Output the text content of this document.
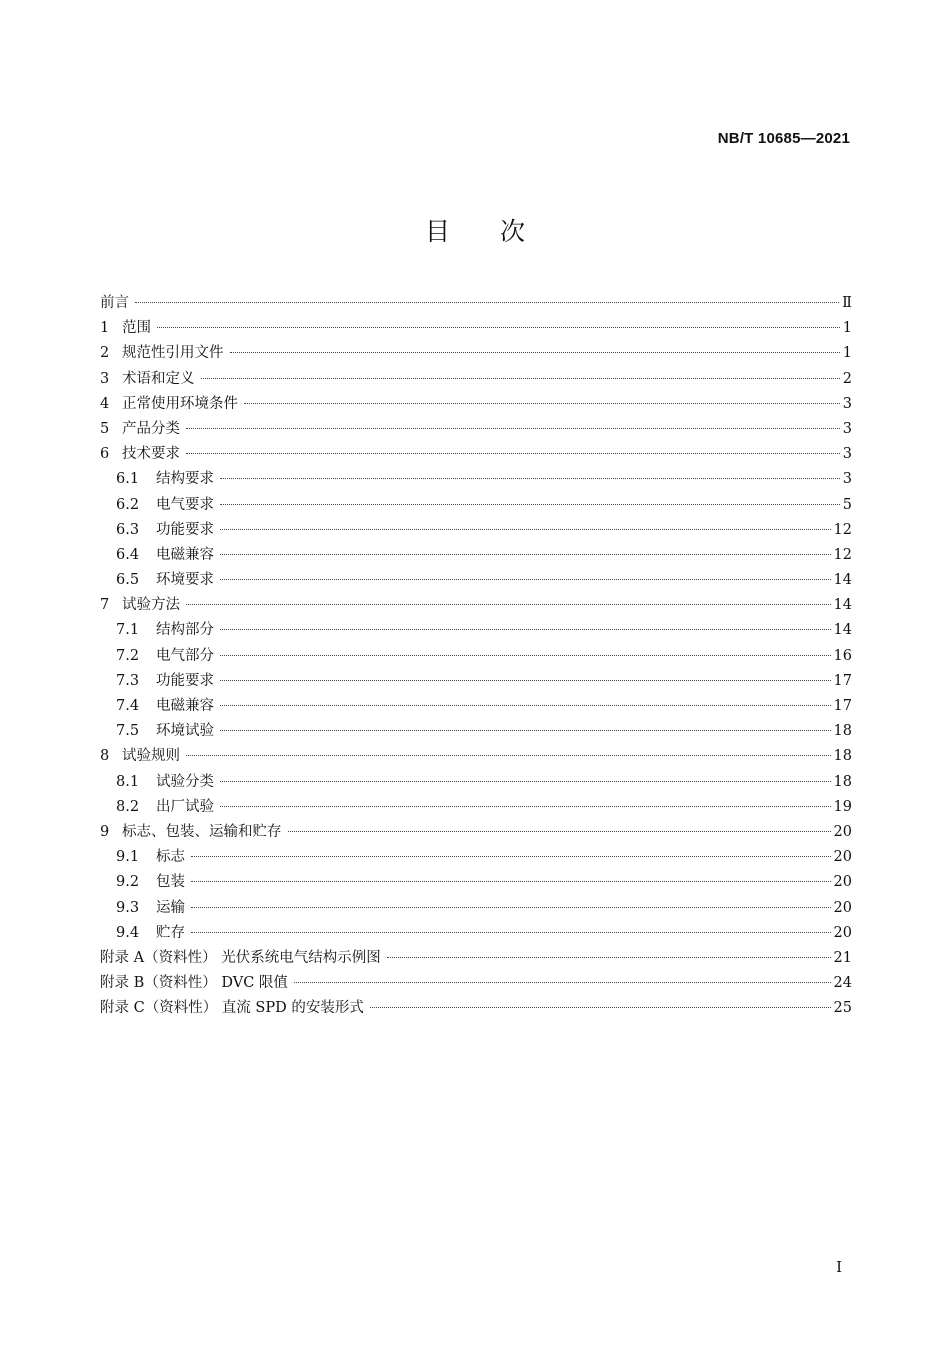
NB/T 10685—2021
目次
前言	Ⅱ
1 范围	1
2 规范性引用文件	1
3 术语和定义	2
4 正常使用环境条件	3
5 产品分类	3
6 技术要求	3
6.1	结构要求	3
6.2	电气要求	5
6.3	功能要求	12
6.4	电磁兼容	12
6.5	环境要求	14
7 试验方法	14
7.1	结构部分	14
7.2	电气部分	16
7.3	功能要求	17
7.4	电磁兼容	17
7.5	环境试验	18
8 试验规则	18
8.1	试验分类	18
8.2	出厂试验	19
9 标志、包装、运输和贮存	20
9.1	标志	20
9.2	包装	20
9.3	运输	20
9.4	贮存	20
附录 A（资料性） 光伏系统电气结构示例图	21
附录 B（资料性） DVC 限值	24
附录 C（资料性） 直流 SPD 的安装形式	25
I
